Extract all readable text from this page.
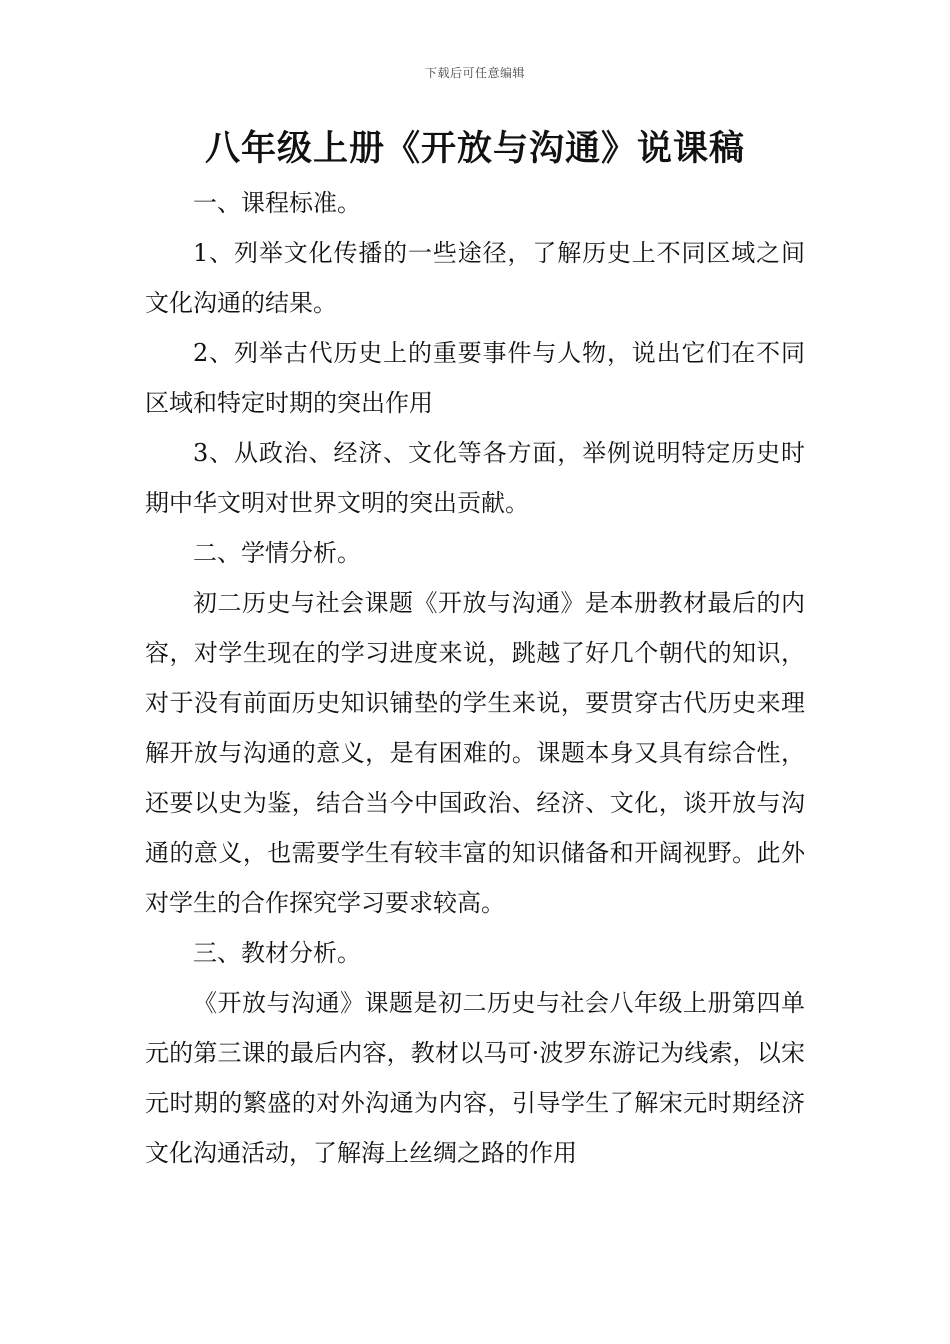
下载后可任意编辑
八年级上册《开放与沟通》说课稿

一、课程标准。

1、列举文化传播的一些途径，了解历史上不同区域之间文化沟通的结果。

2、列举古代历史上的重要事件与人物，说出它们在不同区域和特定时期的突出作用

3、从政治、经济、文化等各方面，举例说明特定历史时期中华文明对世界文明的突出贡献。

二、学情分析。

初二历史与社会课题《开放与沟通》是本册教材最后的内容，对学生现在的学习进度来说，跳越了好几个朝代的知识，对于没有前面历史知识铺垫的学生来说，要贯穿古代历史来理解开放与沟通的意义，是有困难的。课题本身又具有综合性，还要以史为鉴，结合当今中国政治、经济、文化，谈开放与沟通的意义，也需要学生有较丰富的知识储备和开阔视野。此外对学生的合作探究学习要求较高。

三、教材分析。

《开放与沟通》课题是初二历史与社会八年级上册第四单元的第三课的最后内容，教材以马可·波罗东游记为线索，以宋元时期的繁盛的对外沟通为内容，引导学生了解宋元时期经济文化沟通活动，了解海上丝绸之路的作用
